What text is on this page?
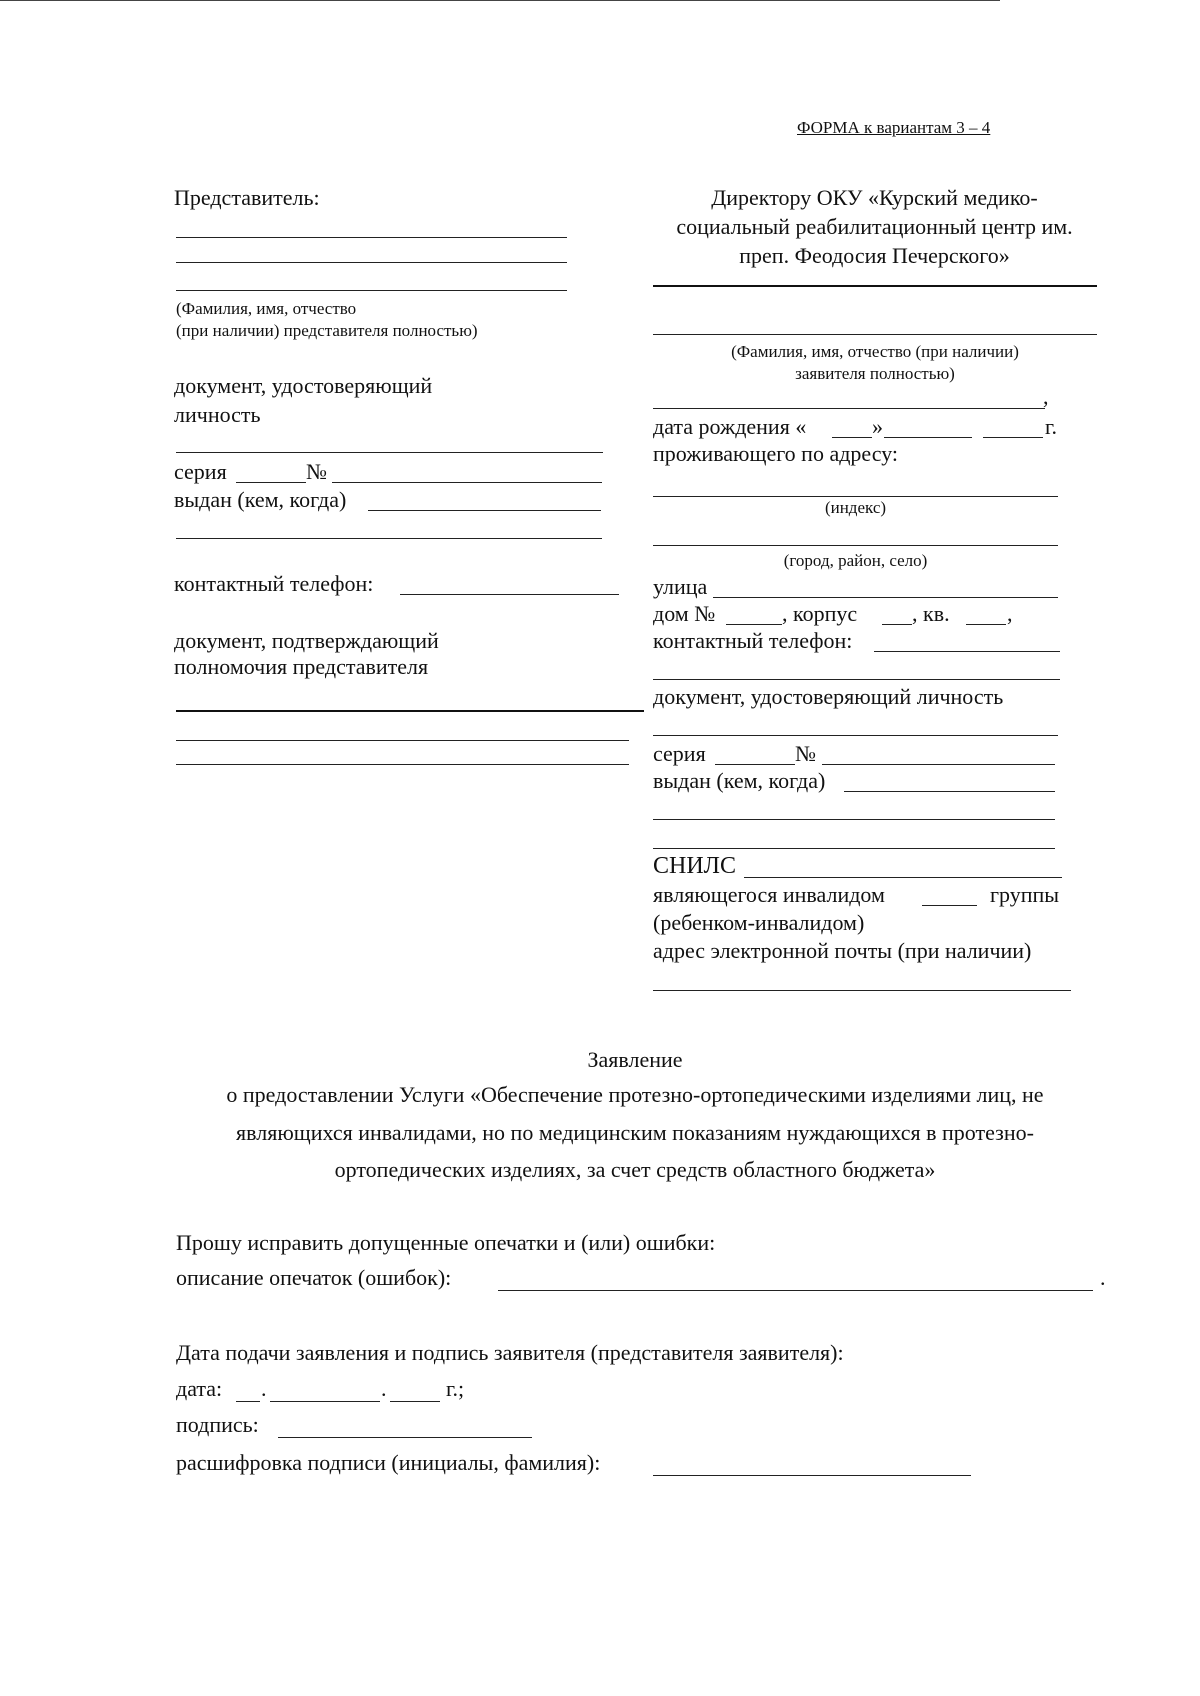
ФОРМА к вариантам 3 – 4
Представитель:
(Фамилия, имя, отчество
(при наличии) представителя полностью)
документ, удостоверяющий
личность
серия	№
выдан (кем, когда)
контактный телефон:
документ, подтверждающий
полномочия представителя
Директору ОКУ «Курский медико-
социальный реабилитационный центр им.
преп. Феодосия Печерского»
(Фамилия, имя, отчество (при наличии)
заявителя полностью)
,
дата рождения «	»	г.
проживающего по адресу:
(индекс)
(город, район, село)
улица
дом №	, корпус , кв.	,
контактный телефон:
документ, удостоверяющий личность
серия	№
выдан (кем, когда)
СНИЛС
являющегося инвалидом	группы
(ребенком-инвалидом)
адрес электронной почты (при наличии)
Заявление
о предоставлении Услуги «Обеспечение протезно-ортопедическими изделиями лиц, не
являющихся инвалидами, но по медицинским показаниям нуждающихся в протезно-
ортопедических изделиях, за счет средств областного бюджета»
Прошу исправить допущенные опечатки и (или) ошибки:
описание опечаток (ошибок):	.
Дата подачи заявления и подпись заявителя (представителя заявителя):
дата: .	.	г.;
подпись:
расшифровка подписи (инициалы, фамилия):
